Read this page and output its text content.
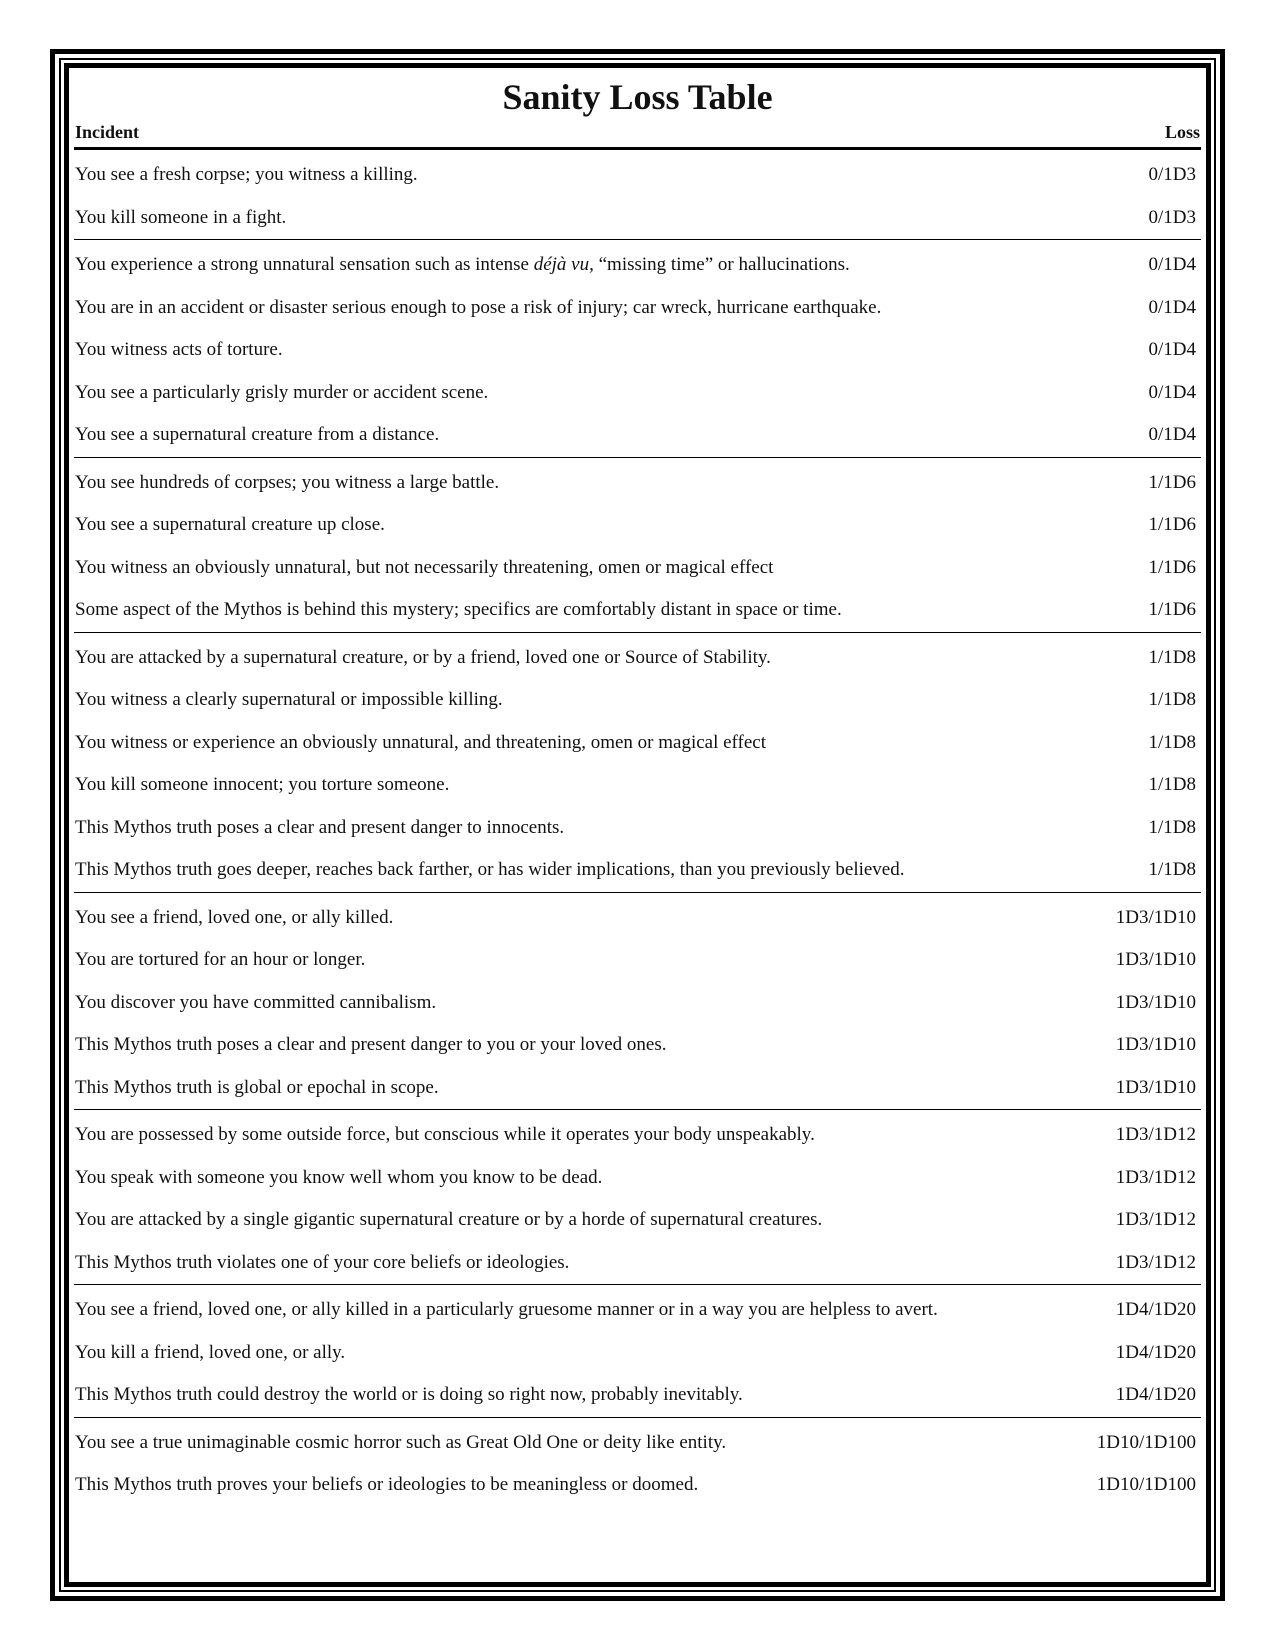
Sanity Loss Table
Incident	Loss
You see a fresh corpse; you witness a killing.	0/1D3
You kill someone in a fight.	0/1D3
You experience a strong unnatural sensation such as intense déjà vu, “missing time” or hallucinations.	0/1D4
You are in an accident or disaster serious enough to pose a risk of injury; car wreck, hurricane earthquake.	0/1D4
You witness acts of torture.	0/1D4
You see a particularly grisly murder or accident scene.	0/1D4
You see a supernatural creature from a distance.	0/1D4
You see hundreds of corpses; you witness a large battle.	1/1D6
You see a supernatural creature up close.	1/1D6
You witness an obviously unnatural, but not necessarily threatening, omen or magical effect	1/1D6
Some aspect of the Mythos is behind this mystery; specifics are comfortably distant in space or time.	1/1D6
You are attacked by a supernatural creature, or by a friend, loved one or Source of Stability.	1/1D8
You witness a clearly supernatural or impossible killing.	1/1D8
You witness or experience an obviously unnatural, and threatening, omen or magical effect	1/1D8
You kill someone innocent; you torture someone.	1/1D8
This Mythos truth poses a clear and present danger to innocents.	1/1D8
This Mythos truth goes deeper, reaches back farther, or has wider implications, than you previously believed.	1/1D8
You see a friend, loved one, or ally killed.	1D3/1D10
You are tortured for an hour or longer.	1D3/1D10
You discover you have committed cannibalism.	1D3/1D10
This Mythos truth poses a clear and present danger to you or your loved ones.	1D3/1D10
This Mythos truth is global or epochal in scope.	1D3/1D10
You are possessed by some outside force, but conscious while it operates your body unspeakably.	1D3/1D12
You speak with someone you know well whom you know to be dead.	1D3/1D12
You are attacked by a single gigantic supernatural creature or by a horde of supernatural creatures.	1D3/1D12
This Mythos truth violates one of your core beliefs or ideologies.	1D3/1D12
You see a friend, loved one, or ally killed in a particularly gruesome manner or in a way you are helpless to avert.	1D4/1D20
You kill a friend, loved one, or ally.	1D4/1D20
This Mythos truth could destroy the world or is doing so right now, probably inevitably.	1D4/1D20
You see a true unimaginable cosmic horror such as Great Old One or deity like entity.	1D10/1D100
This Mythos truth proves your beliefs or ideologies to be meaningless or doomed.	1D10/1D100
